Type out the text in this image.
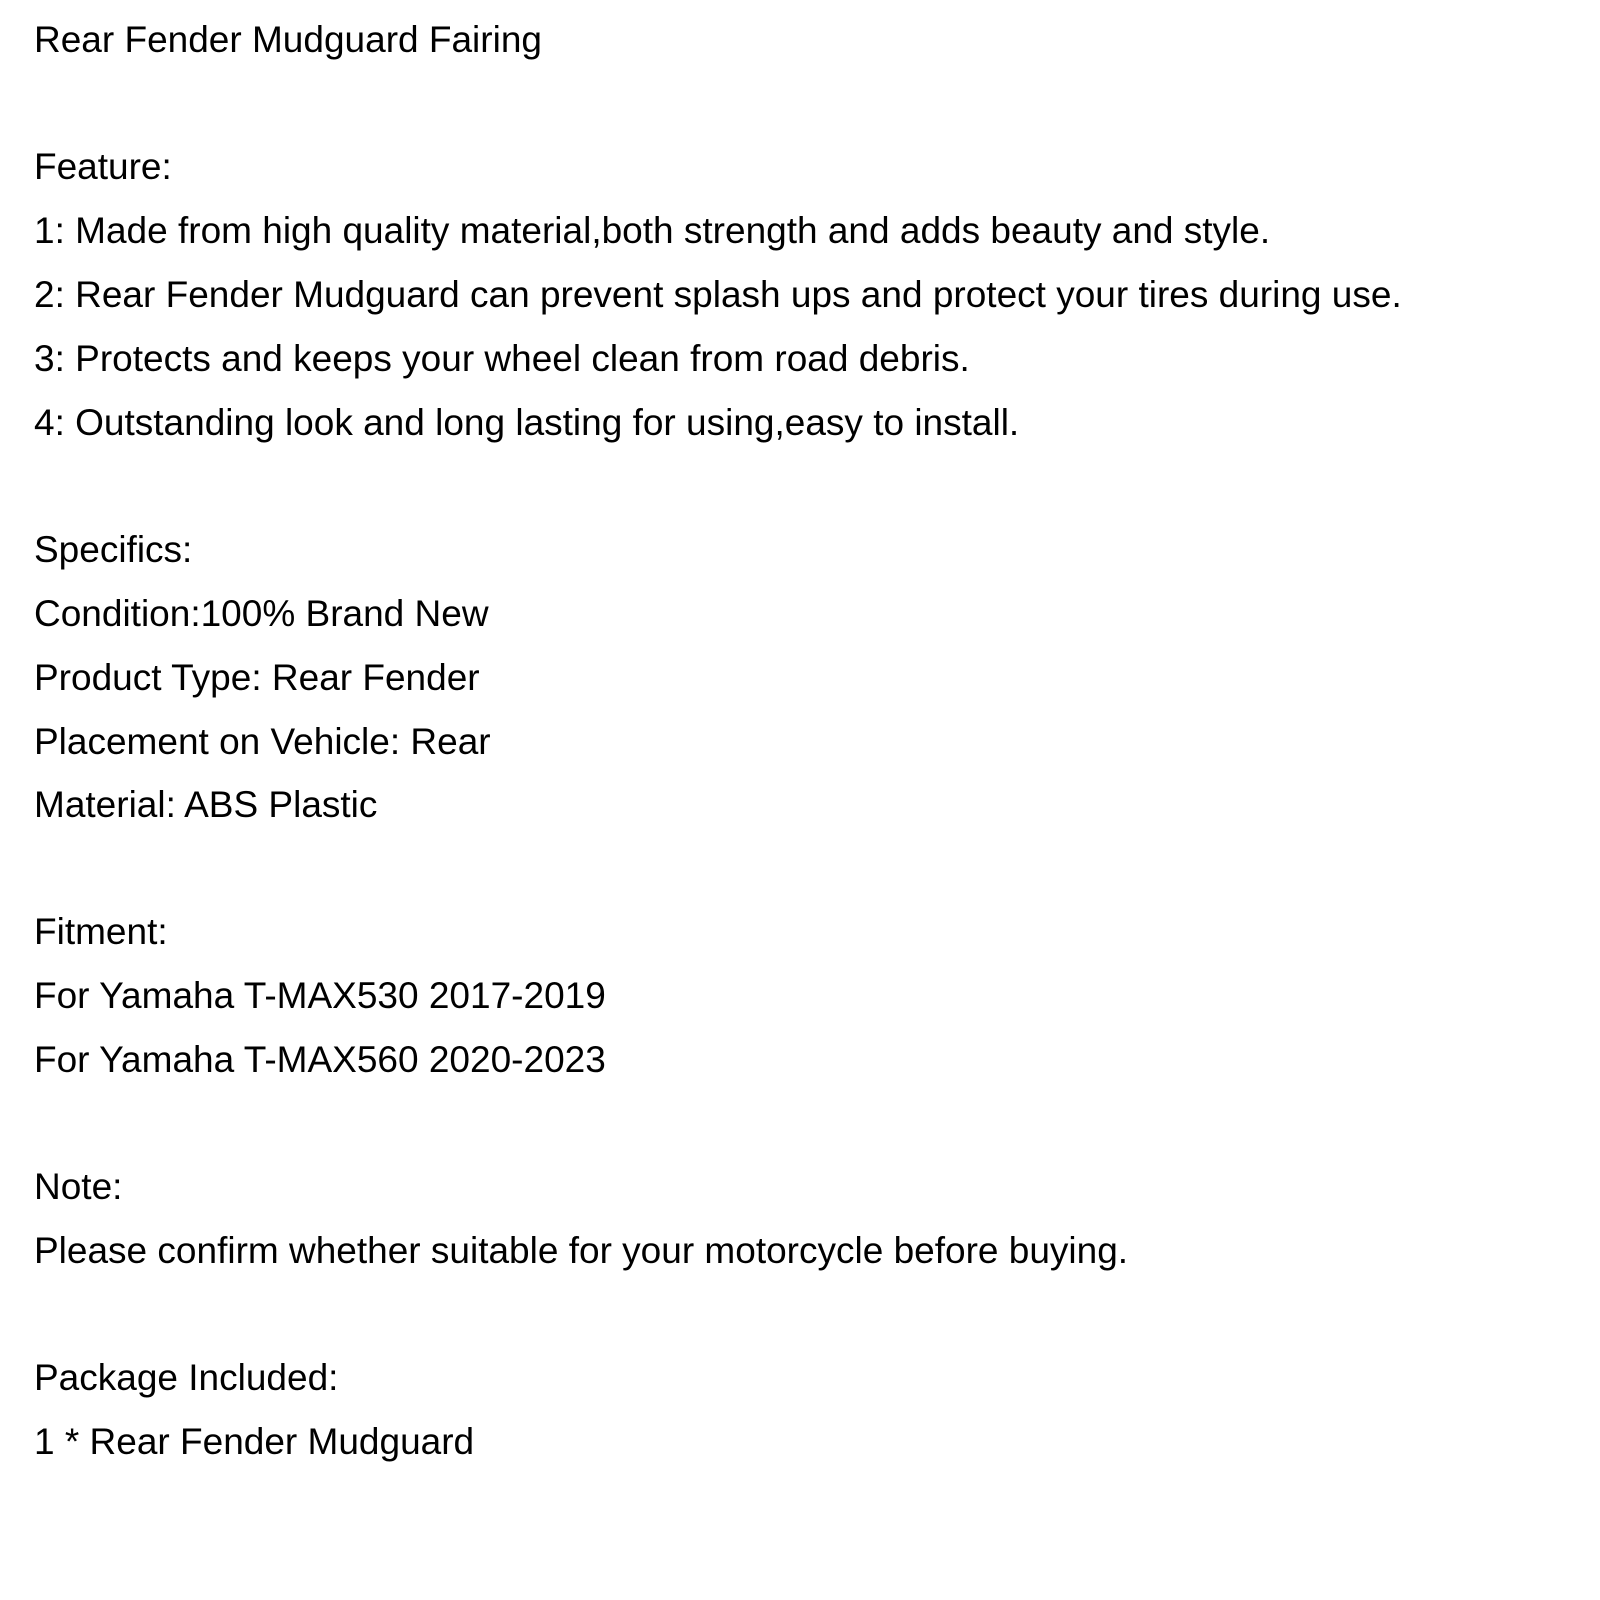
Rear Fender Mudguard Fairing

Feature:

1: Made from high quality material,both strength and adds beauty and style.

2: Rear Fender Mudguard can prevent splash ups and protect your tires during use.

3: Protects and keeps your wheel clean from road debris.

4: Outstanding look and long lasting for using,easy to install.

Specifics:

Condition:100% Brand New

Product Type: Rear Fender

Placement on Vehicle: Rear

Material: ABS Plastic

Fitment:

For Yamaha T-MAX530 2017-2019

For Yamaha T-MAX560 2020-2023

Note:

Please confirm whether suitable for your motorcycle before buying.

Package Included:

1 * Rear Fender Mudguard
